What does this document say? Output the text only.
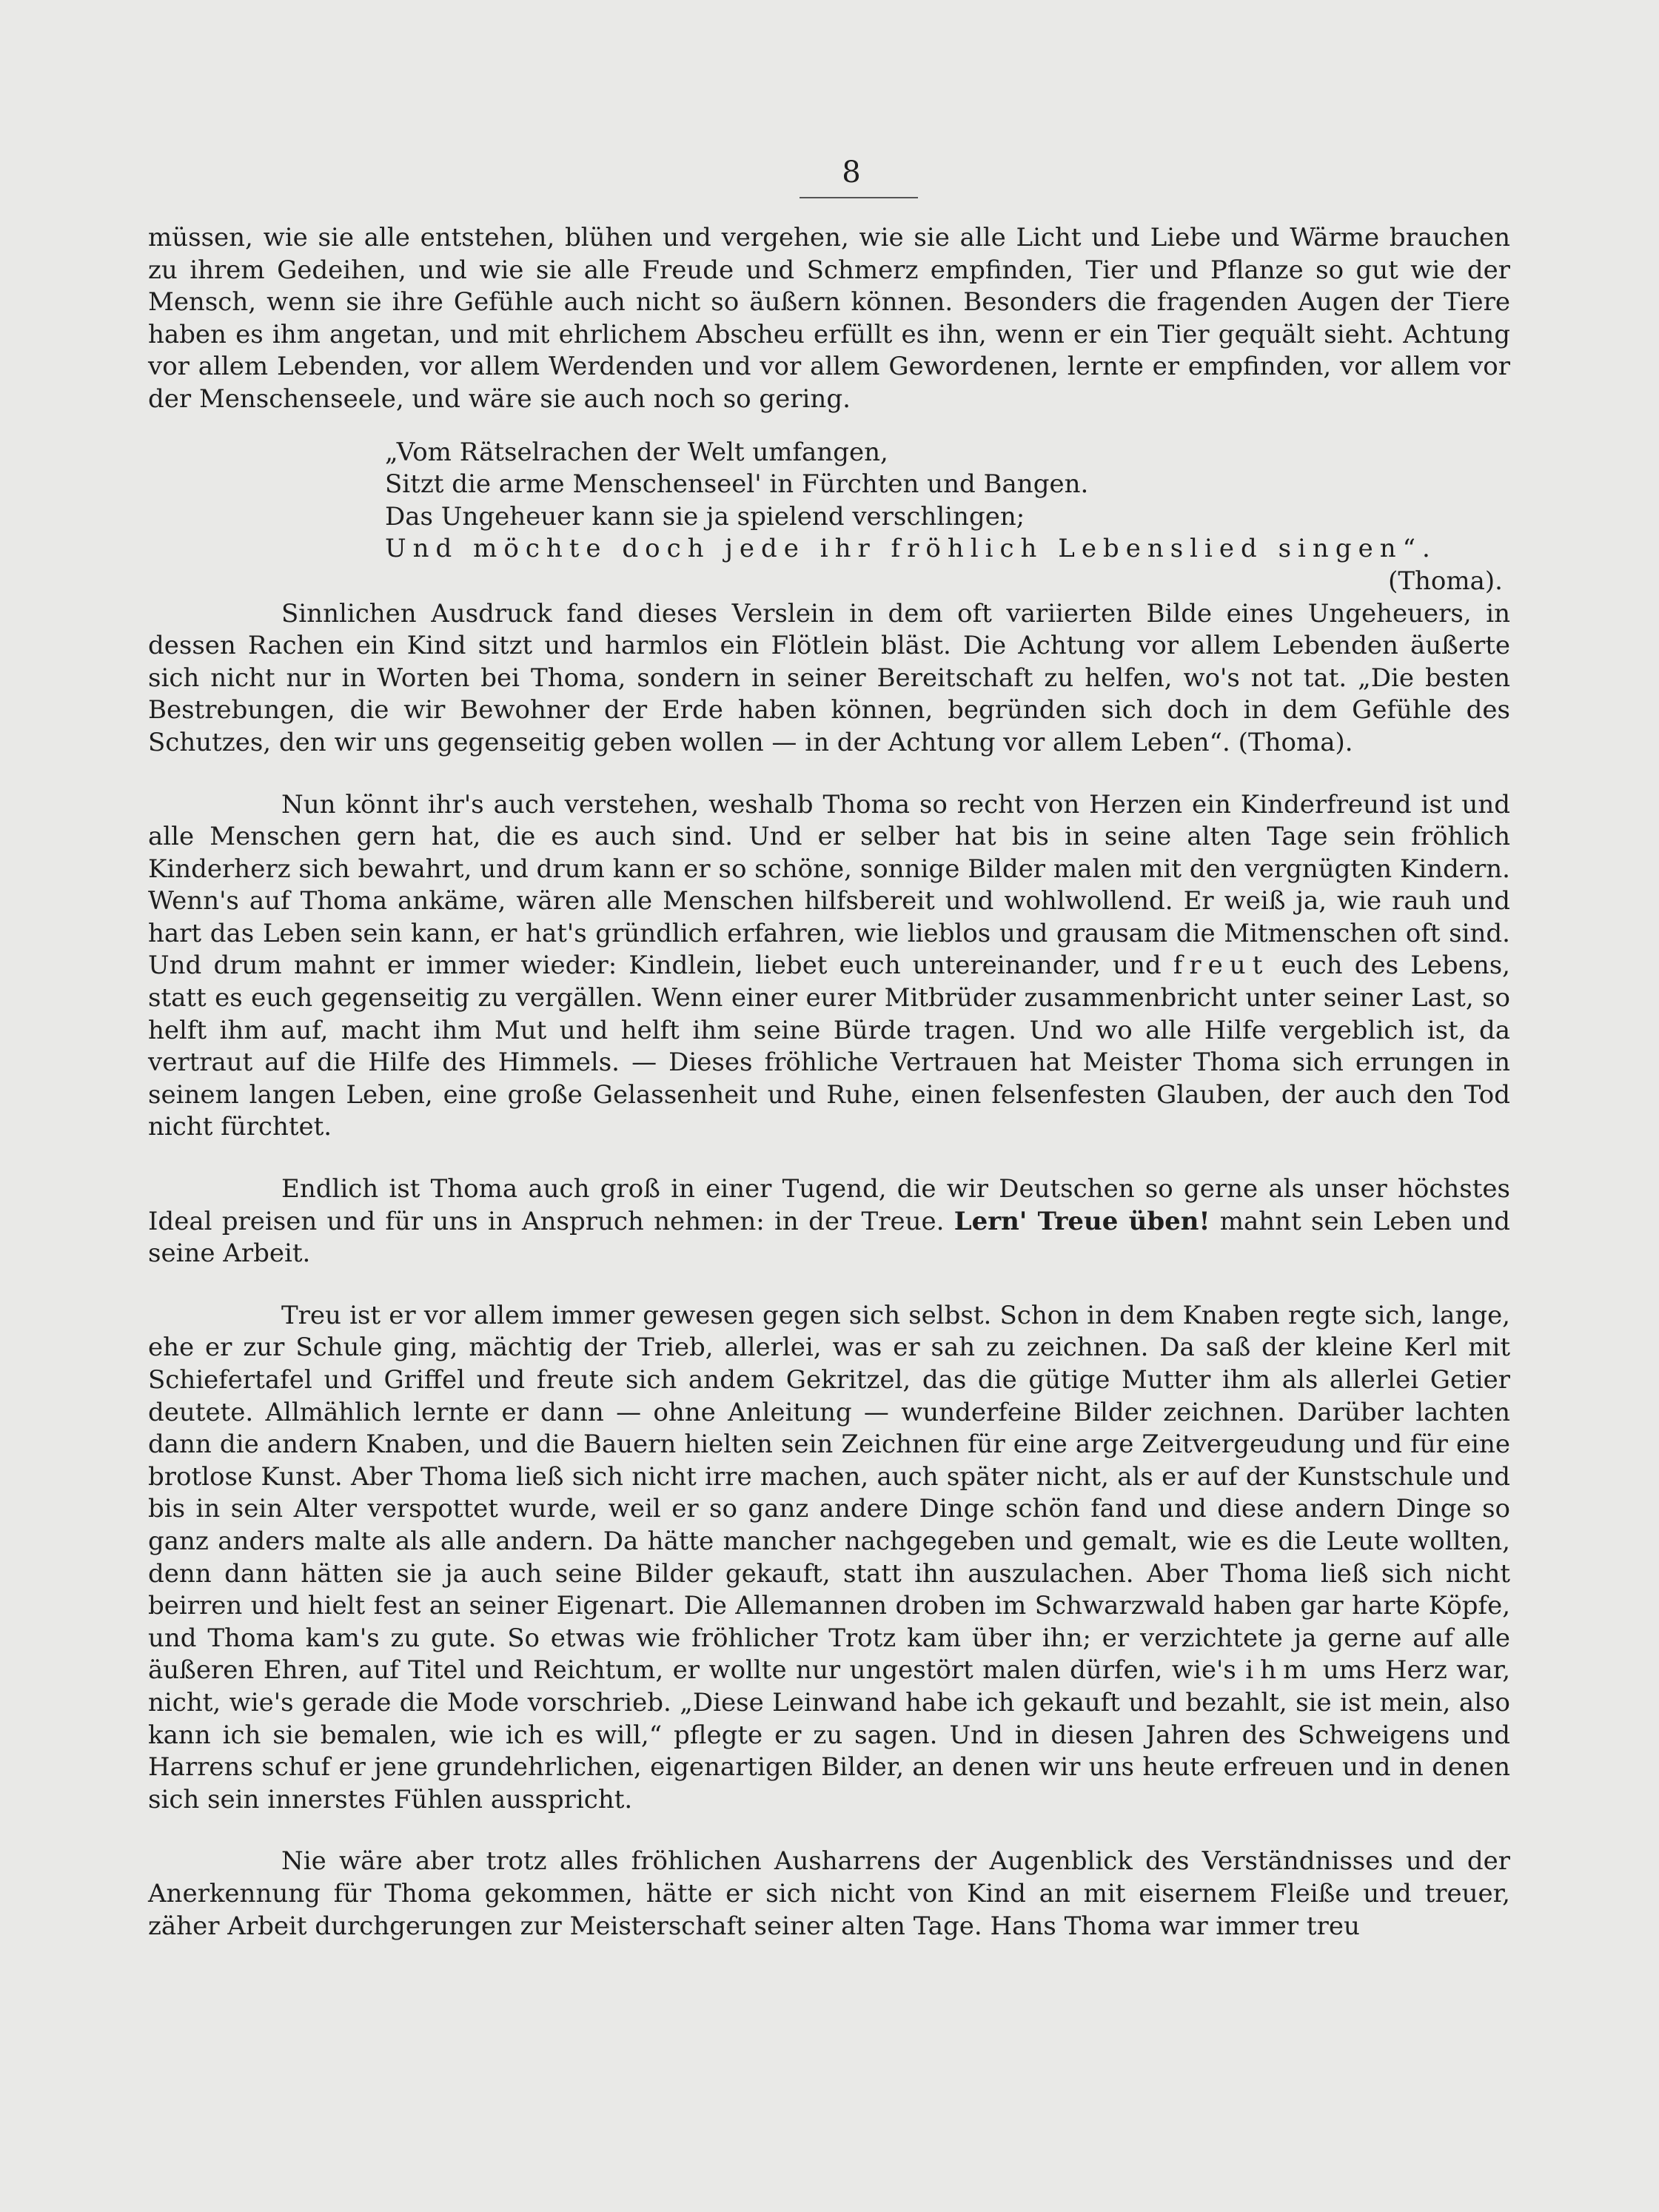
8

müssen, wie sie alle entstehen, blühen und vergehen, wie sie alle Licht und Liebe und Wärme brauchen zu ihrem Gedeihen, und wie sie alle Freude und Schmerz empfinden, Tier und Pflanze so gut wie der Mensch, wenn sie ihre Gefühle auch nicht so äußern können. Besonders die fragenden Augen der Tiere haben es ihm angetan, und mit ehrlichem Abscheu erfüllt es ihn, wenn er ein Tier gequält sieht. Achtung vor allem Lebenden, vor allem Werdenden und vor allem Gewordenen, lernte er empfinden, vor allem vor der Menschenseele, und wäre sie auch noch so gering.

„Vom Rätselrachen der Welt umfangen,
Sitzt die arme Menschenseel' in Fürchten und Bangen.
Das Ungeheuer kann sie ja spielend verschlingen;
Und möchte doch jede ihr fröhlich Lebenslied singen“.
(Thoma).

Sinnlichen Ausdruck fand dieses Verslein in dem oft variierten Bilde eines Ungeheuers, in dessen Rachen ein Kind sitzt und harmlos ein Flötlein bläst. Die Achtung vor allem Lebenden äußerte sich nicht nur in Worten bei Thoma, sondern in seiner Bereitschaft zu helfen, wo's not tat. „Die besten Bestrebungen, die wir Bewohner der Erde haben können, begründen sich doch in dem Gefühle des Schutzes, den wir uns gegenseitig geben wollen — in der Achtung vor allem Leben“. (Thoma).

Nun könnt ihr's auch verstehen, weshalb Thoma so recht von Herzen ein Kinderfreund ist und alle Menschen gern hat, die es auch sind. Und er selber hat bis in seine alten Tage sein fröhlich Kinderherz sich bewahrt, und drum kann er so schöne, sonnige Bilder malen mit den vergnügten Kindern. Wenn's auf Thoma ankäme, wären alle Menschen hilfsbereit und wohlwollend. Er weiß ja, wie rauh und hart das Leben sein kann, er hat's gründlich erfahren, wie lieblos und grausam die Mitmenschen oft sind. Und drum mahnt er immer wieder: Kindlein, liebet euch untereinander, und freut euch des Lebens, statt es euch gegenseitig zu vergällen. Wenn einer eurer Mitbrüder zusammenbricht unter seiner Last, so helft ihm auf, macht ihm Mut und helft ihm seine Bürde tragen. Und wo alle Hilfe vergeblich ist, da vertraut auf die Hilfe des Himmels. — Dieses fröhliche Vertrauen hat Meister Thoma sich errungen in seinem langen Leben, eine große Gelassenheit und Ruhe, einen felsenfesten Glauben, der auch den Tod nicht fürchtet.

Endlich ist Thoma auch groß in einer Tugend, die wir Deutschen so gerne als unser höchstes Ideal preisen und für uns in Anspruch nehmen: in der Treue. Lern' Treue üben! mahnt sein Leben und seine Arbeit.

Treu ist er vor allem immer gewesen gegen sich selbst. Schon in dem Knaben regte sich, lange, ehe er zur Schule ging, mächtig der Trieb, allerlei, was er sah zu zeichnen. Da saß der kleine Kerl mit Schiefertafel und Griffel und freute sich andem Gekritzel, das die gütige Mutter ihm als allerlei Getier deutete. Allmählich lernte er dann — ohne Anleitung — wunderfeine Bilder zeichnen. Darüber lachten dann die andern Knaben, und die Bauern hielten sein Zeichnen für eine arge Zeitvergeudung und für eine brotlose Kunst. Aber Thoma ließ sich nicht irre machen, auch später nicht, als er auf der Kunstschule und bis in sein Alter verspottet wurde, weil er so ganz andere Dinge schön fand und diese andern Dinge so ganz anders malte als alle andern. Da hätte mancher nachgegeben und gemalt, wie es die Leute wollten, denn dann hätten sie ja auch seine Bilder gekauft, statt ihn auszulachen. Aber Thoma ließ sich nicht beirren und hielt fest an seiner Eigenart. Die Allemannen droben im Schwarzwald haben gar harte Köpfe, und Thoma kam's zu gute. So etwas wie fröhlicher Trotz kam über ihn; er verzichtete ja gerne auf alle äußeren Ehren, auf Titel und Reichtum, er wollte nur ungestört malen dürfen, wie's ihm ums Herz war, nicht, wie's gerade die Mode vorschrieb. „Diese Leinwand habe ich gekauft und bezahlt, sie ist mein, also kann ich sie bemalen, wie ich es will,“ pflegte er zu sagen. Und in diesen Jahren des Schweigens und Harrens schuf er jene grundehrlichen, eigenartigen Bilder, an denen wir uns heute erfreuen und in denen sich sein innerstes Fühlen ausspricht.

Nie wäre aber trotz alles fröhlichen Ausharrens der Augenblick des Verständnisses und der Anerkennung für Thoma gekommen, hätte er sich nicht von Kind an mit eisernem Fleiße und treuer, zäher Arbeit durchgerungen zur Meisterschaft seiner alten Tage. Hans Thoma war immer treu
